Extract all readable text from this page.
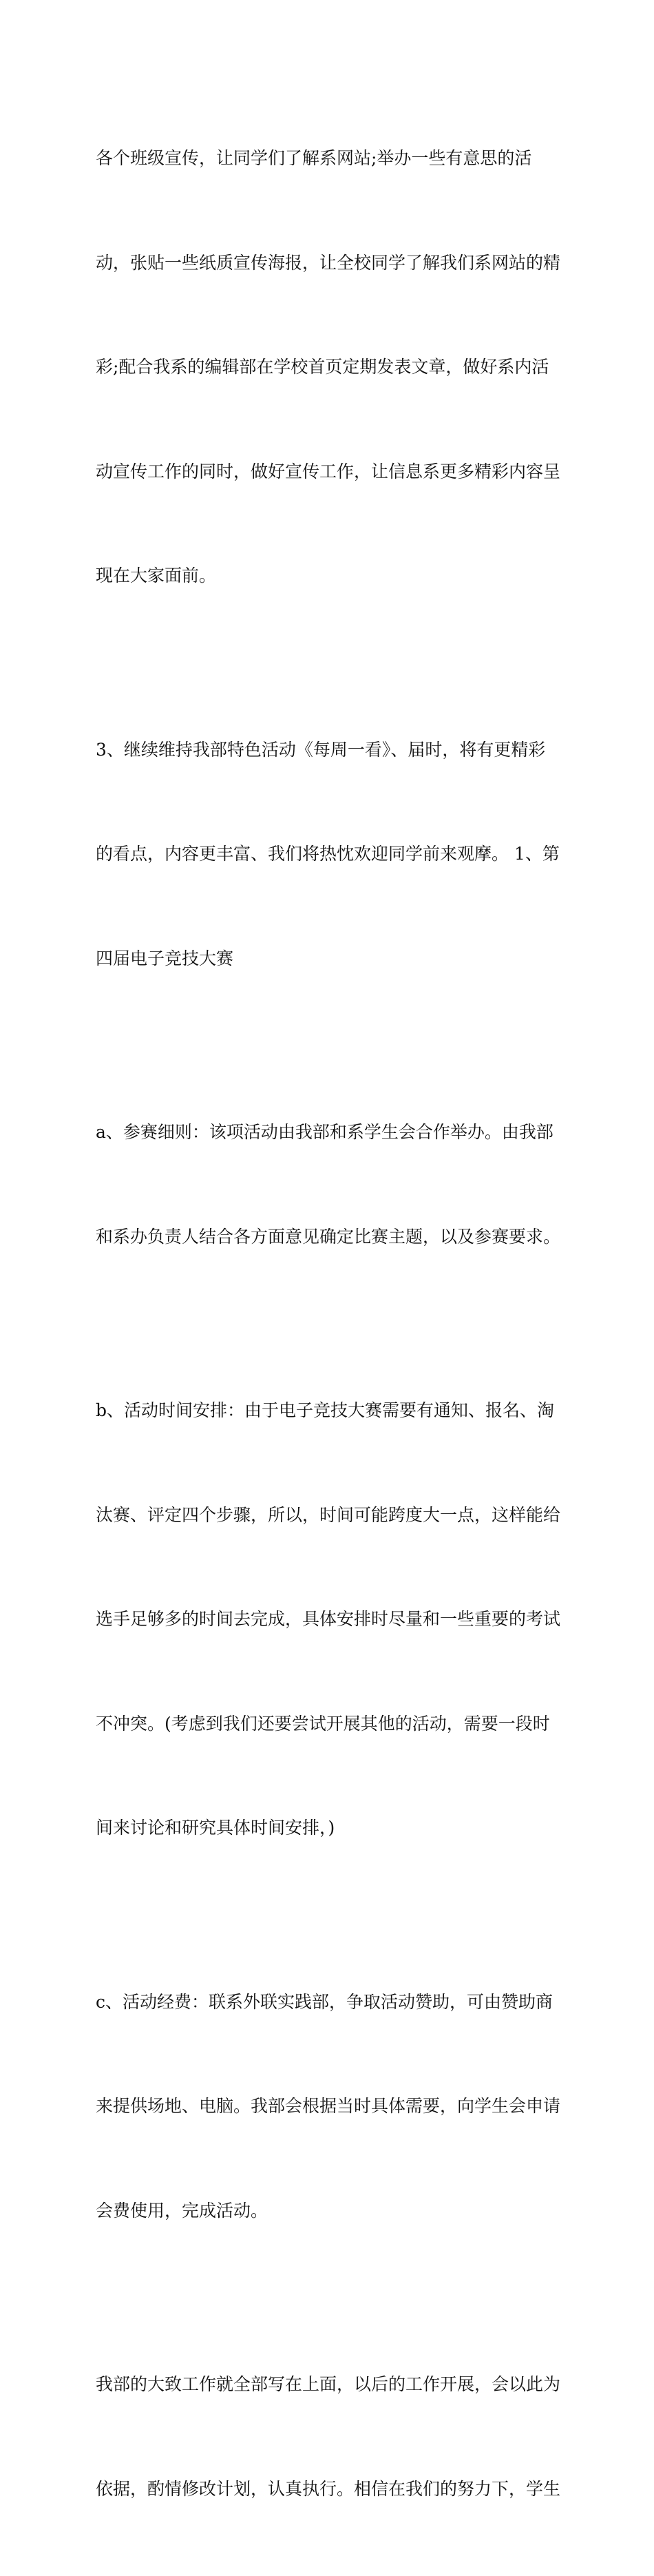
各个班级宣传，让同学们了解系网站;举办一些有意思的活

动，张贴一些纸质宣传海报，让全校同学了解我们系网站的精

彩;配合我系的编辑部在学校首页定期发表文章，做好系内活

动宣传工作的同时，做好宣传工作，让信息系更多精彩内容呈

现在大家面前。

3、继续维持我部特色活动《每周一看》、届时，将有更精彩

的看点，内容更丰富、我们将热忱欢迎同学前来观摩。 1、第

四届电子竞技大赛

a、参赛细则：该项活动由我部和系学生会合作举办。由我部

和系办负责人结合各方面意见确定比赛主题，以及参赛要求。

b、活动时间安排：由于电子竞技大赛需要有通知、报名、淘

汰赛、评定四个步骤，所以，时间可能跨度大一点，这样能给

选手足够多的时间去完成，具体安排时尽量和一些重要的考试

不冲突。(考虑到我们还要尝试开展其他的活动，需要一段时

间来讨论和研究具体时间安排，)

c、活动经费：联系外联实践部，争取活动赞助，可由赞助商

来提供场地、电脑。我部会根据当时具体需要，向学生会申请

会费使用，完成活动。

我部的大致工作就全部写在上面，以后的工作开展，会以此为

依据，酌情修改计划，认真执行。相信在我们的努力下，学生
